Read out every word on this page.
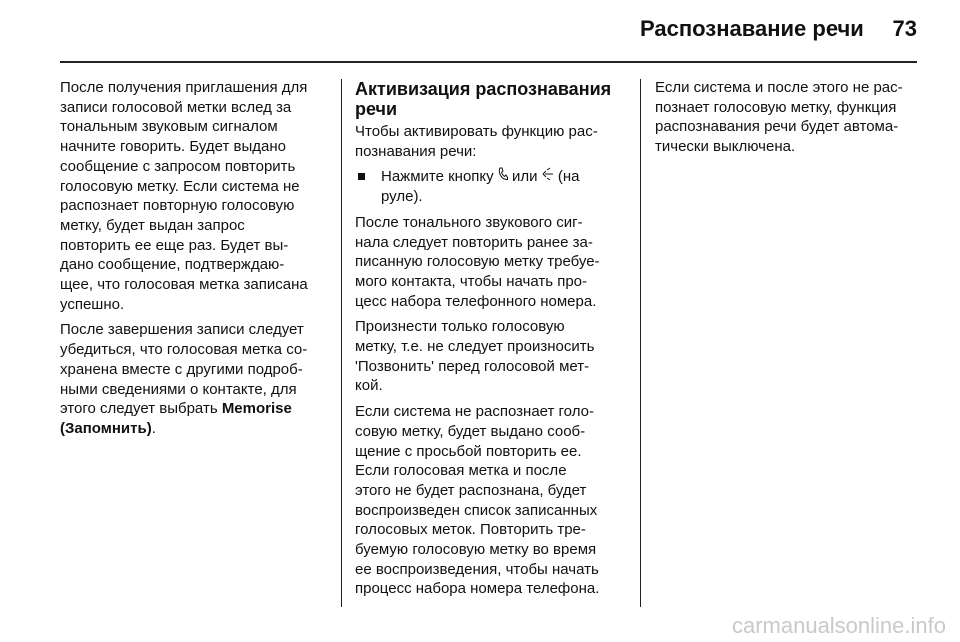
Распознавание речи 73

После получения приглашения для
записи голосовой метки вслед за
тональным звуковым сигналом
начните говорить. Будет выдано
сообщение с запросом повторить
голосовую метку. Если система не
распознает повторную голосовую
метку, будет выдан запрос
повторить ее еще раз. Будет вы-
дано сообщение, подтверждаю-
щее, что голосовая метка записана
успешно.

После завершения записи следует
убедиться, что голосовая метка со-
хранена вместе с другими подроб-
ными сведениями о контакте, для
этого следует выбрать Memorise
(Запомнить).

Активизация распознавания
речи

Чтобы активировать функцию рас-
познавания речи:

Нажмите кнопку  или  (на
руле).

После тонального звукового сиг-
нала следует повторить ранее за-
писанную голосовую метку требуе-
мого контакта, чтобы начать про-
цесс набора телефонного номера.

Произнести только голосовую
метку, т.е. не следует произносить
'Позвонить' перед голосовой мет-
кой.

Если система не распознает голо-
совую метку, будет выдано сооб-
щение с просьбой повторить ее.
Если голосовая метка и после
этого не будет распознана, будет
воспроизведен список записанных
голосовых меток. Повторить тре-
буемую голосовую метку во время
ее воспроизведения, чтобы начать
процесс набора номера телефона.

Если система и после этого не рас-
познает голосовую метку, функция
распознавания речи будет автома-
тически выключена.

carmanualsonline.info
